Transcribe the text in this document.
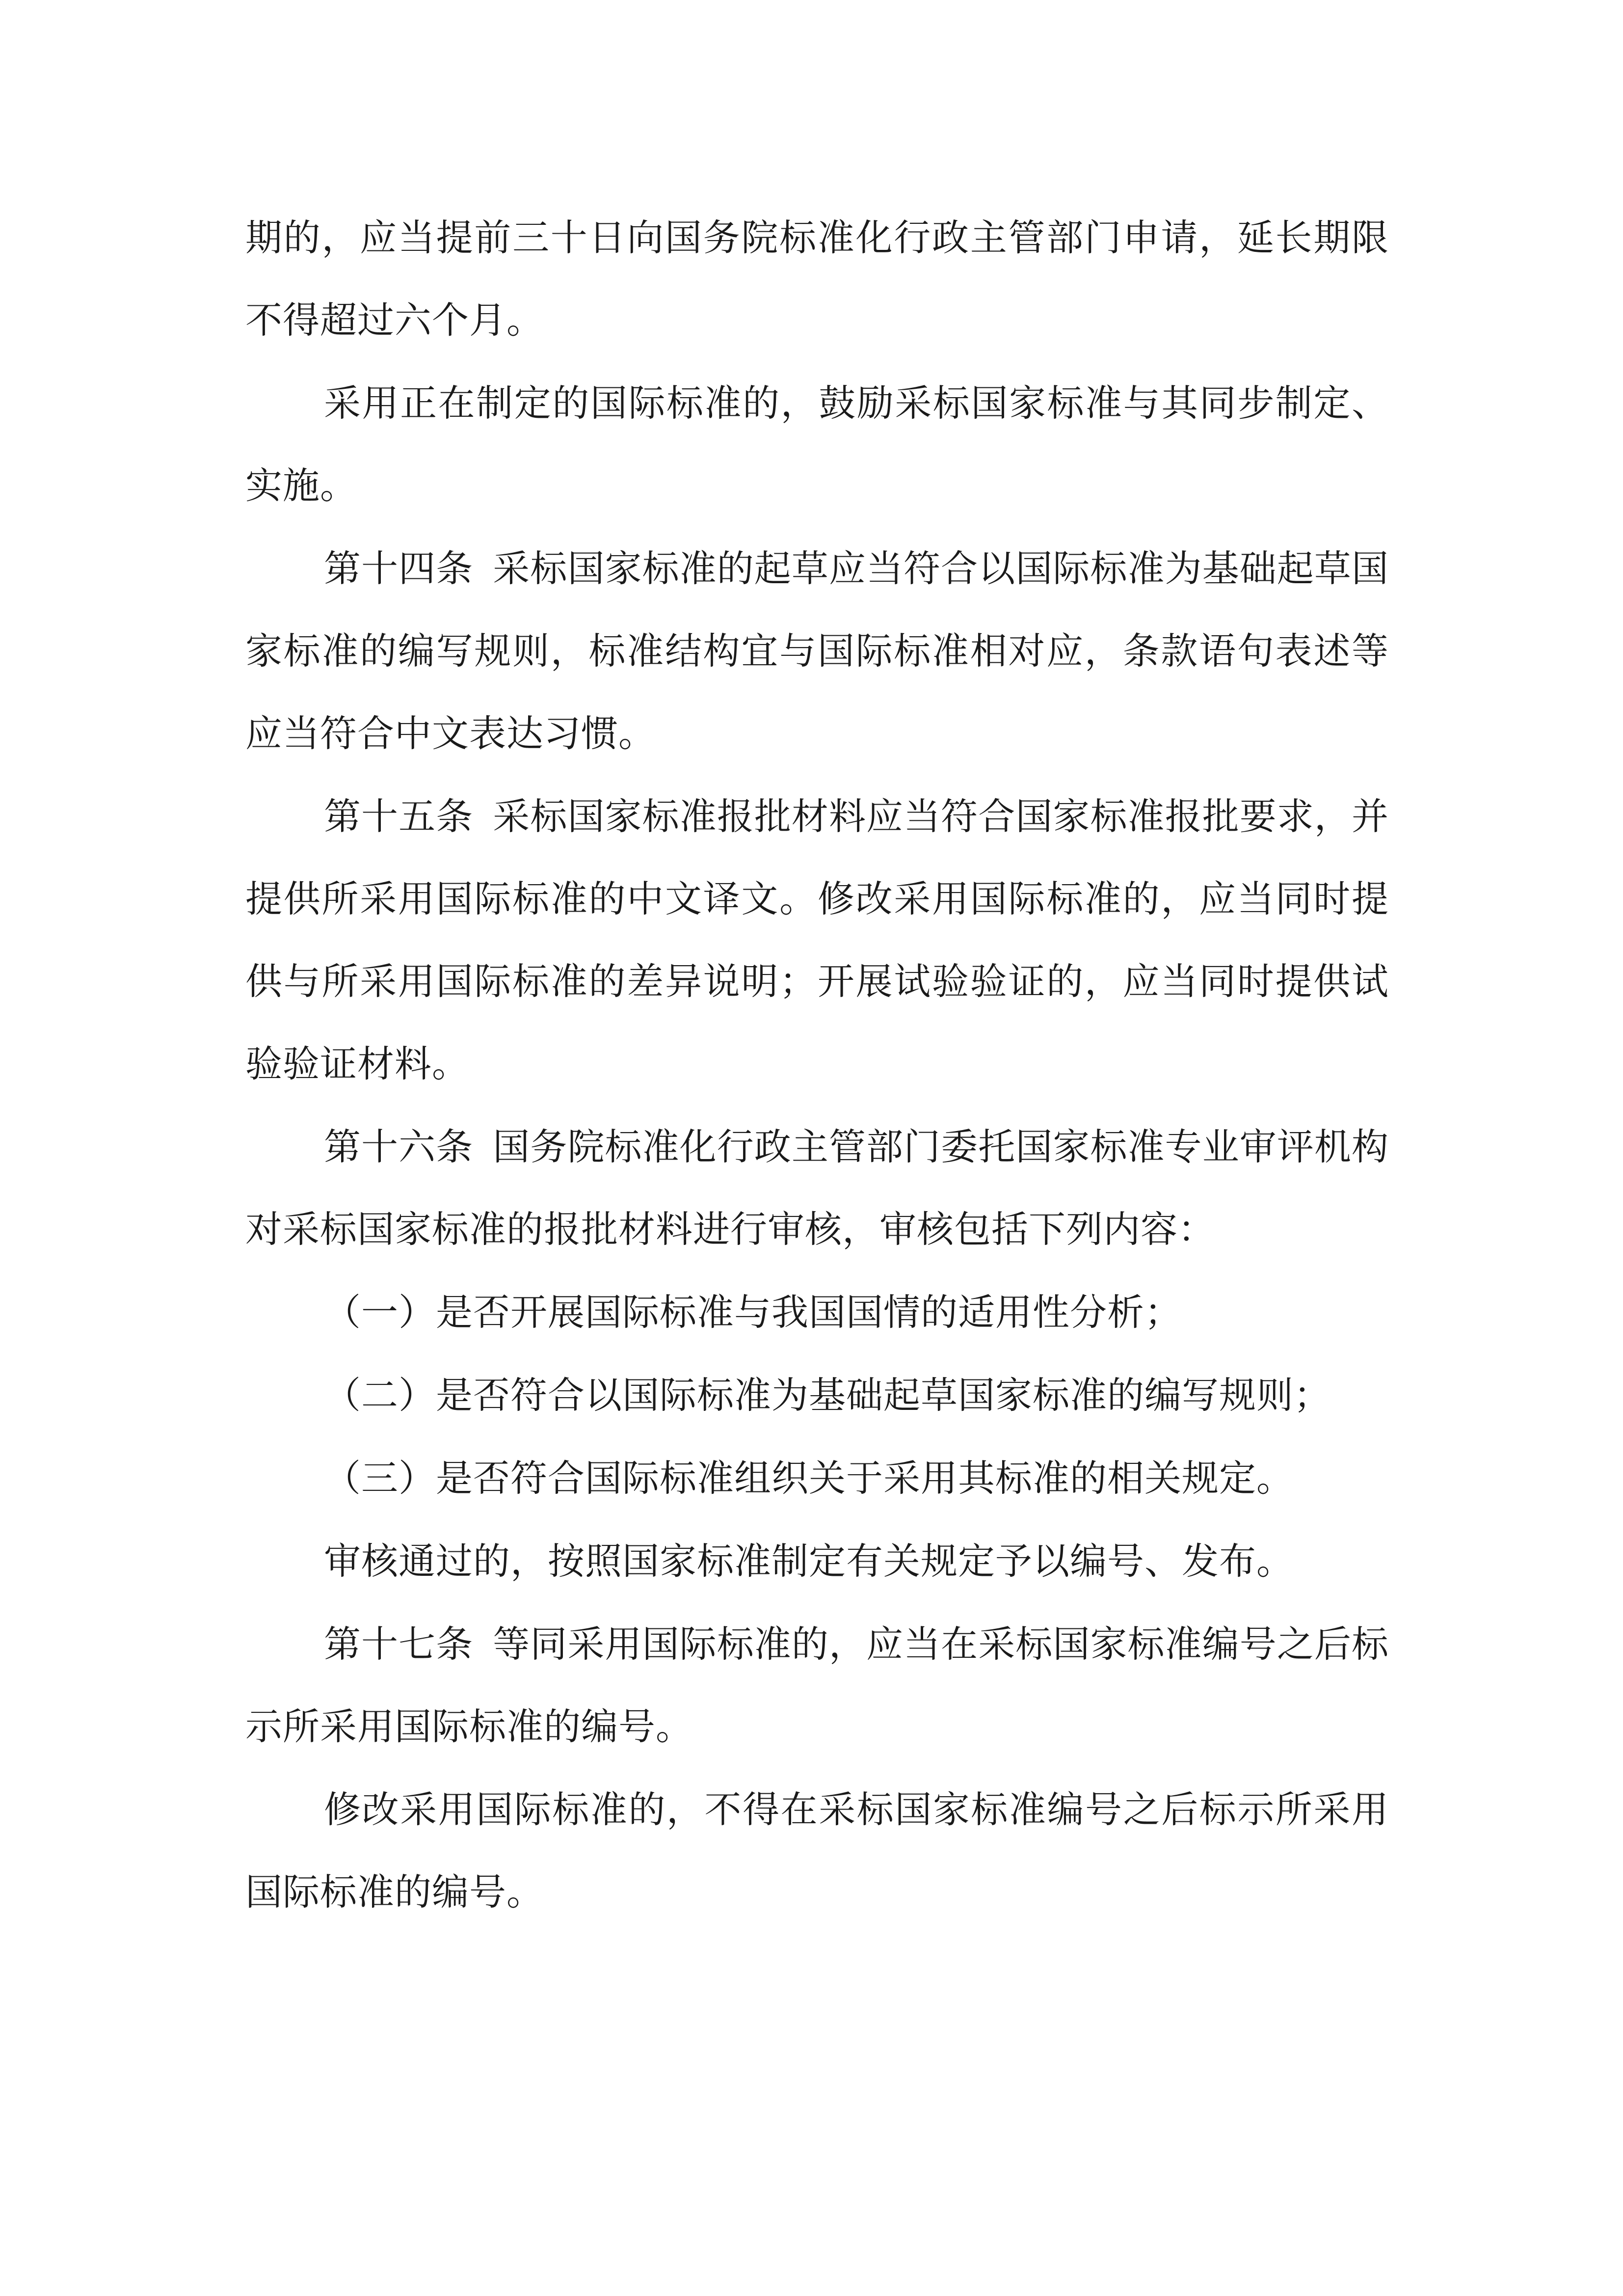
期的，应当提前三十日向国务院标准化行政主管部门申请，延长期限不得超过六个月。

采用正在制定的国际标准的，鼓励采标国家标准与其同步制定、实施。

第十四条 采标国家标准的起草应当符合以国际标准为基础起草国家标准的编写规则，标准结构宜与国际标准相对应，条款语句表述等应当符合中文表达习惯。

第十五条 采标国家标准报批材料应当符合国家标准报批要求，并提供所采用国际标准的中文译文。修改采用国际标准的，应当同时提供与所采用国际标准的差异说明；开展试验验证的，应当同时提供试验验证材料。

第十六条 国务院标准化行政主管部门委托国家标准专业审评机构对采标国家标准的报批材料进行审核，审核包括下列内容：

（一）是否开展国际标准与我国国情的适用性分析；

（二）是否符合以国际标准为基础起草国家标准的编写规则；

（三）是否符合国际标准组织关于采用其标准的相关规定。

审核通过的，按照国家标准制定有关规定予以编号、发布。

第十七条 等同采用国际标准的，应当在采标国家标准编号之后标示所采用国际标准的编号。

修改采用国际标准的，不得在采标国家标准编号之后标示所采用国际标准的编号。
